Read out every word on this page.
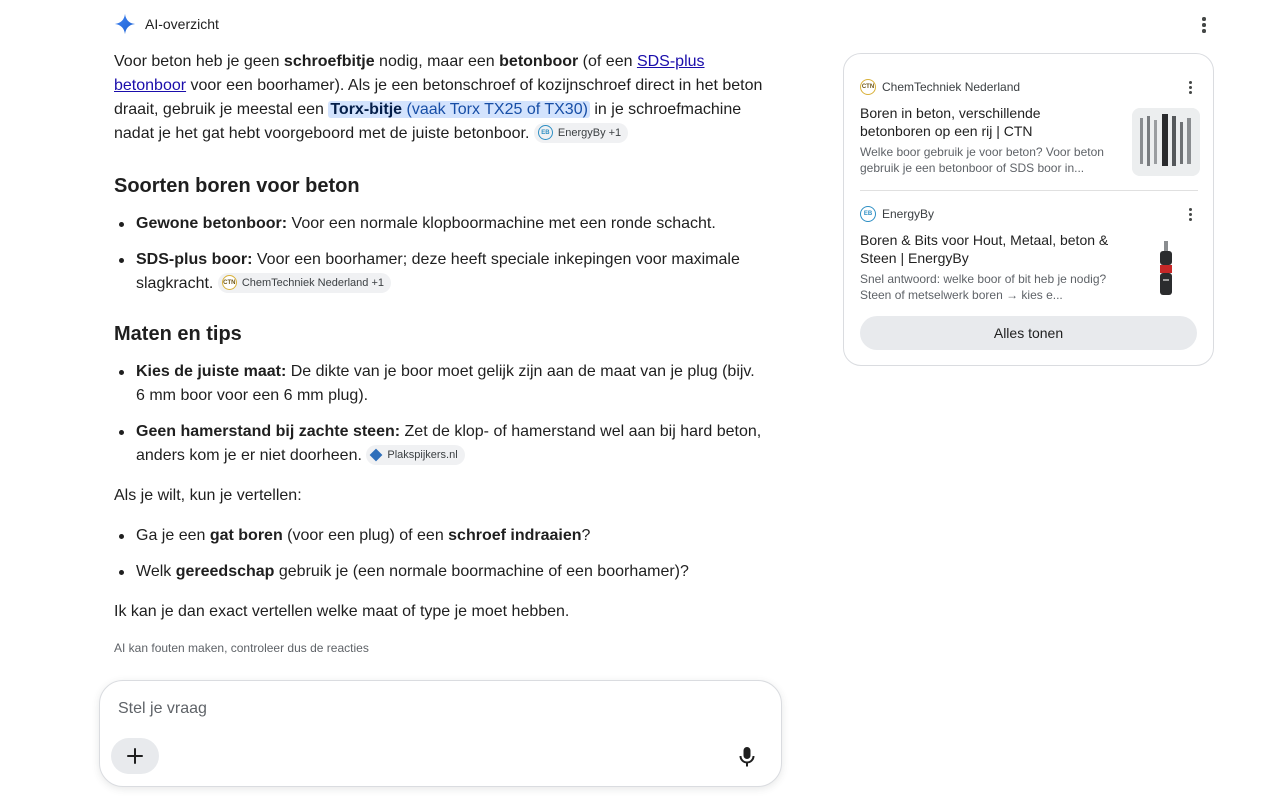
AI-overzicht

Voor beton heb je geen schroefbitje nodig, maar een betonboor (of een SDS-plus betonboor voor een boorhamer). Als je een betonschroef of kozijnschroef direct in het beton draait, gebruik je meestal een Torx-bitje (vaak Torx TX25 of TX30) in je schroefmachine nadat je het gat hebt voorgeboord met de juiste betonboor.	EB EnergyBy +1

Soorten boren voor beton
Gewone betonboor: Voor een normale klopboormachine met een ronde schacht.
SDS-plus boor: Voor een boorhamer; deze heeft speciale inkepingen voor maximale slagkracht. CTN ChemTechniek Nederland +1
Maten en tips
Kies de juiste maat: De dikte van je boor moet gelijk zijn aan de maat van je plug (bijv. 6 mm boor voor een 6 mm plug).
Geen hamerstand bij zachte steen: Zet de klop- of hamerstand wel aan bij hard beton, anders kom je er niet doorheen. Plakspijkers.nl

Als je wilt, kun je vertellen:

Ga je een gat boren (voor een plug) of een schroef indraaien?
Welk gereedschap gebruik je (een normale boormachine of een boorhamer)?

Ik kan je dan exact vertellen welke maat of type je moet hebben.

AI kan fouten maken, controleer dus de reacties

CTN ChemTechniek Nederland
Boren in beton, verschillende betonboren op een rij | CTN
Welke boor gebruik je voor beton? Voor beton gebruik je een betonboor of SDS boor in...
EB EnergyBy
Boren & Bits voor Hout, Metaal, beton & Steen | EnergyBy
Snel antwoord: welke boor of bit heb je nodig? Steen of metselwerk boren → kies e...
Alles tonen
Stel je vraag
